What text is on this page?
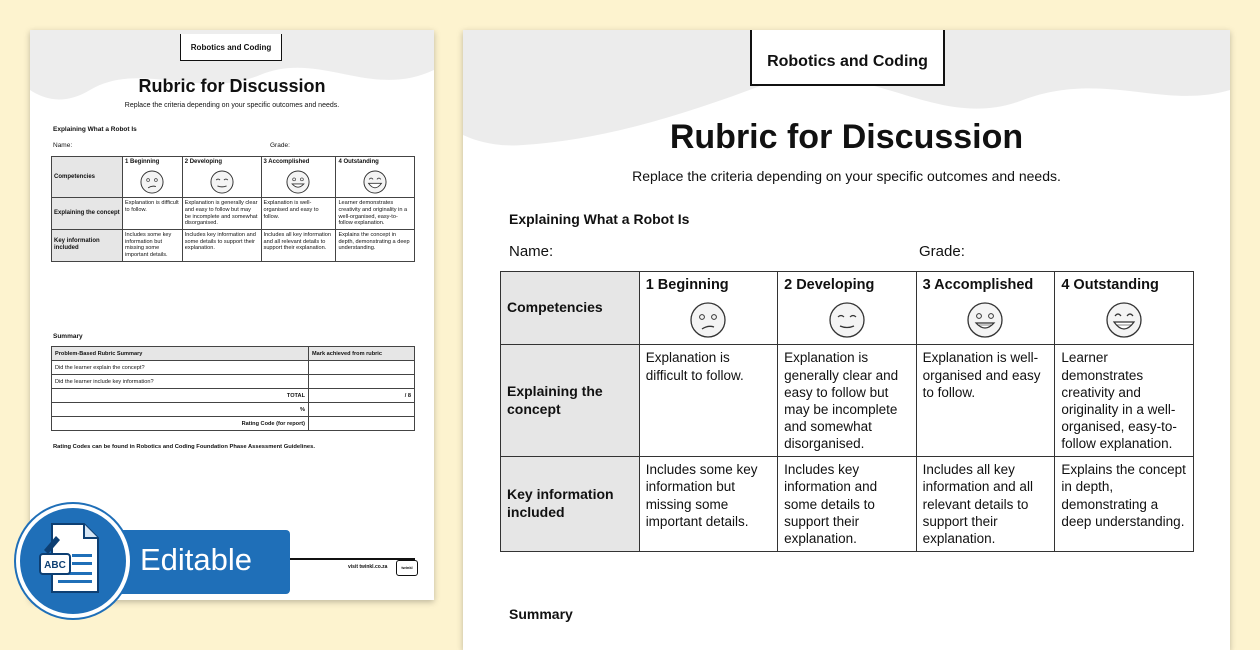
Robotics and Coding
Rubric for Discussion
Replace the criteria depending on your specific outcomes and needs.
Explaining What a Robot Is
Name:	Grade:
Competencies	1 Beginning	2 Developing	3 Accomplished	4 Outstanding

Explaining the concept	Explanation is difficult to follow.	Explanation is generally clear and easy to follow but may be incomplete and somewhat disorganised.	Explanation is well-organised and easy to follow.	Learner demonstrates creativity and originality in a well-organised, easy-to-follow explanation.
Key information included	Includes some key information but missing some important details.	Includes key information and some details to support their explanation.	Includes all key information and all relevant details to support their explanation.	Explains the concept in depth, demonstrating a deep understanding.
Summary
Problem-Based Rubric Summary	Mark achieved from rubric
Did the learner explain the concept?	
Did the learner include key information?	
TOTAL	/ 8
%	
Rating Code (for report)	
Rating Codes can be found in Robotics and Coding Foundation Phase Assessment Guidelines.
visit twinkl.co.za	twinkl
Robotics and Coding
Rubric for Discussion
Replace the criteria depending on your specific outcomes and needs.
Explaining What a Robot Is
Name:	Grade:
Competencies	1 Beginning	2 Developing	3 Accomplished	4 Outstanding

Explaining the concept	Explanation is difficult to follow.	Explanation is generally clear and easy to follow but may be incomplete and somewhat disorganised.	Explanation is well-organised and easy to follow.	Learner demonstrates creativity and originality in a well-organised, easy-to-follow explanation.
Key information included	Includes some key information but missing some important details.	Includes key information and some details to support their explanation.	Includes all key information and all relevant details to support their explanation.	Explains the concept in depth, demonstrating a deep understanding.
Summary
Editable
ABC
